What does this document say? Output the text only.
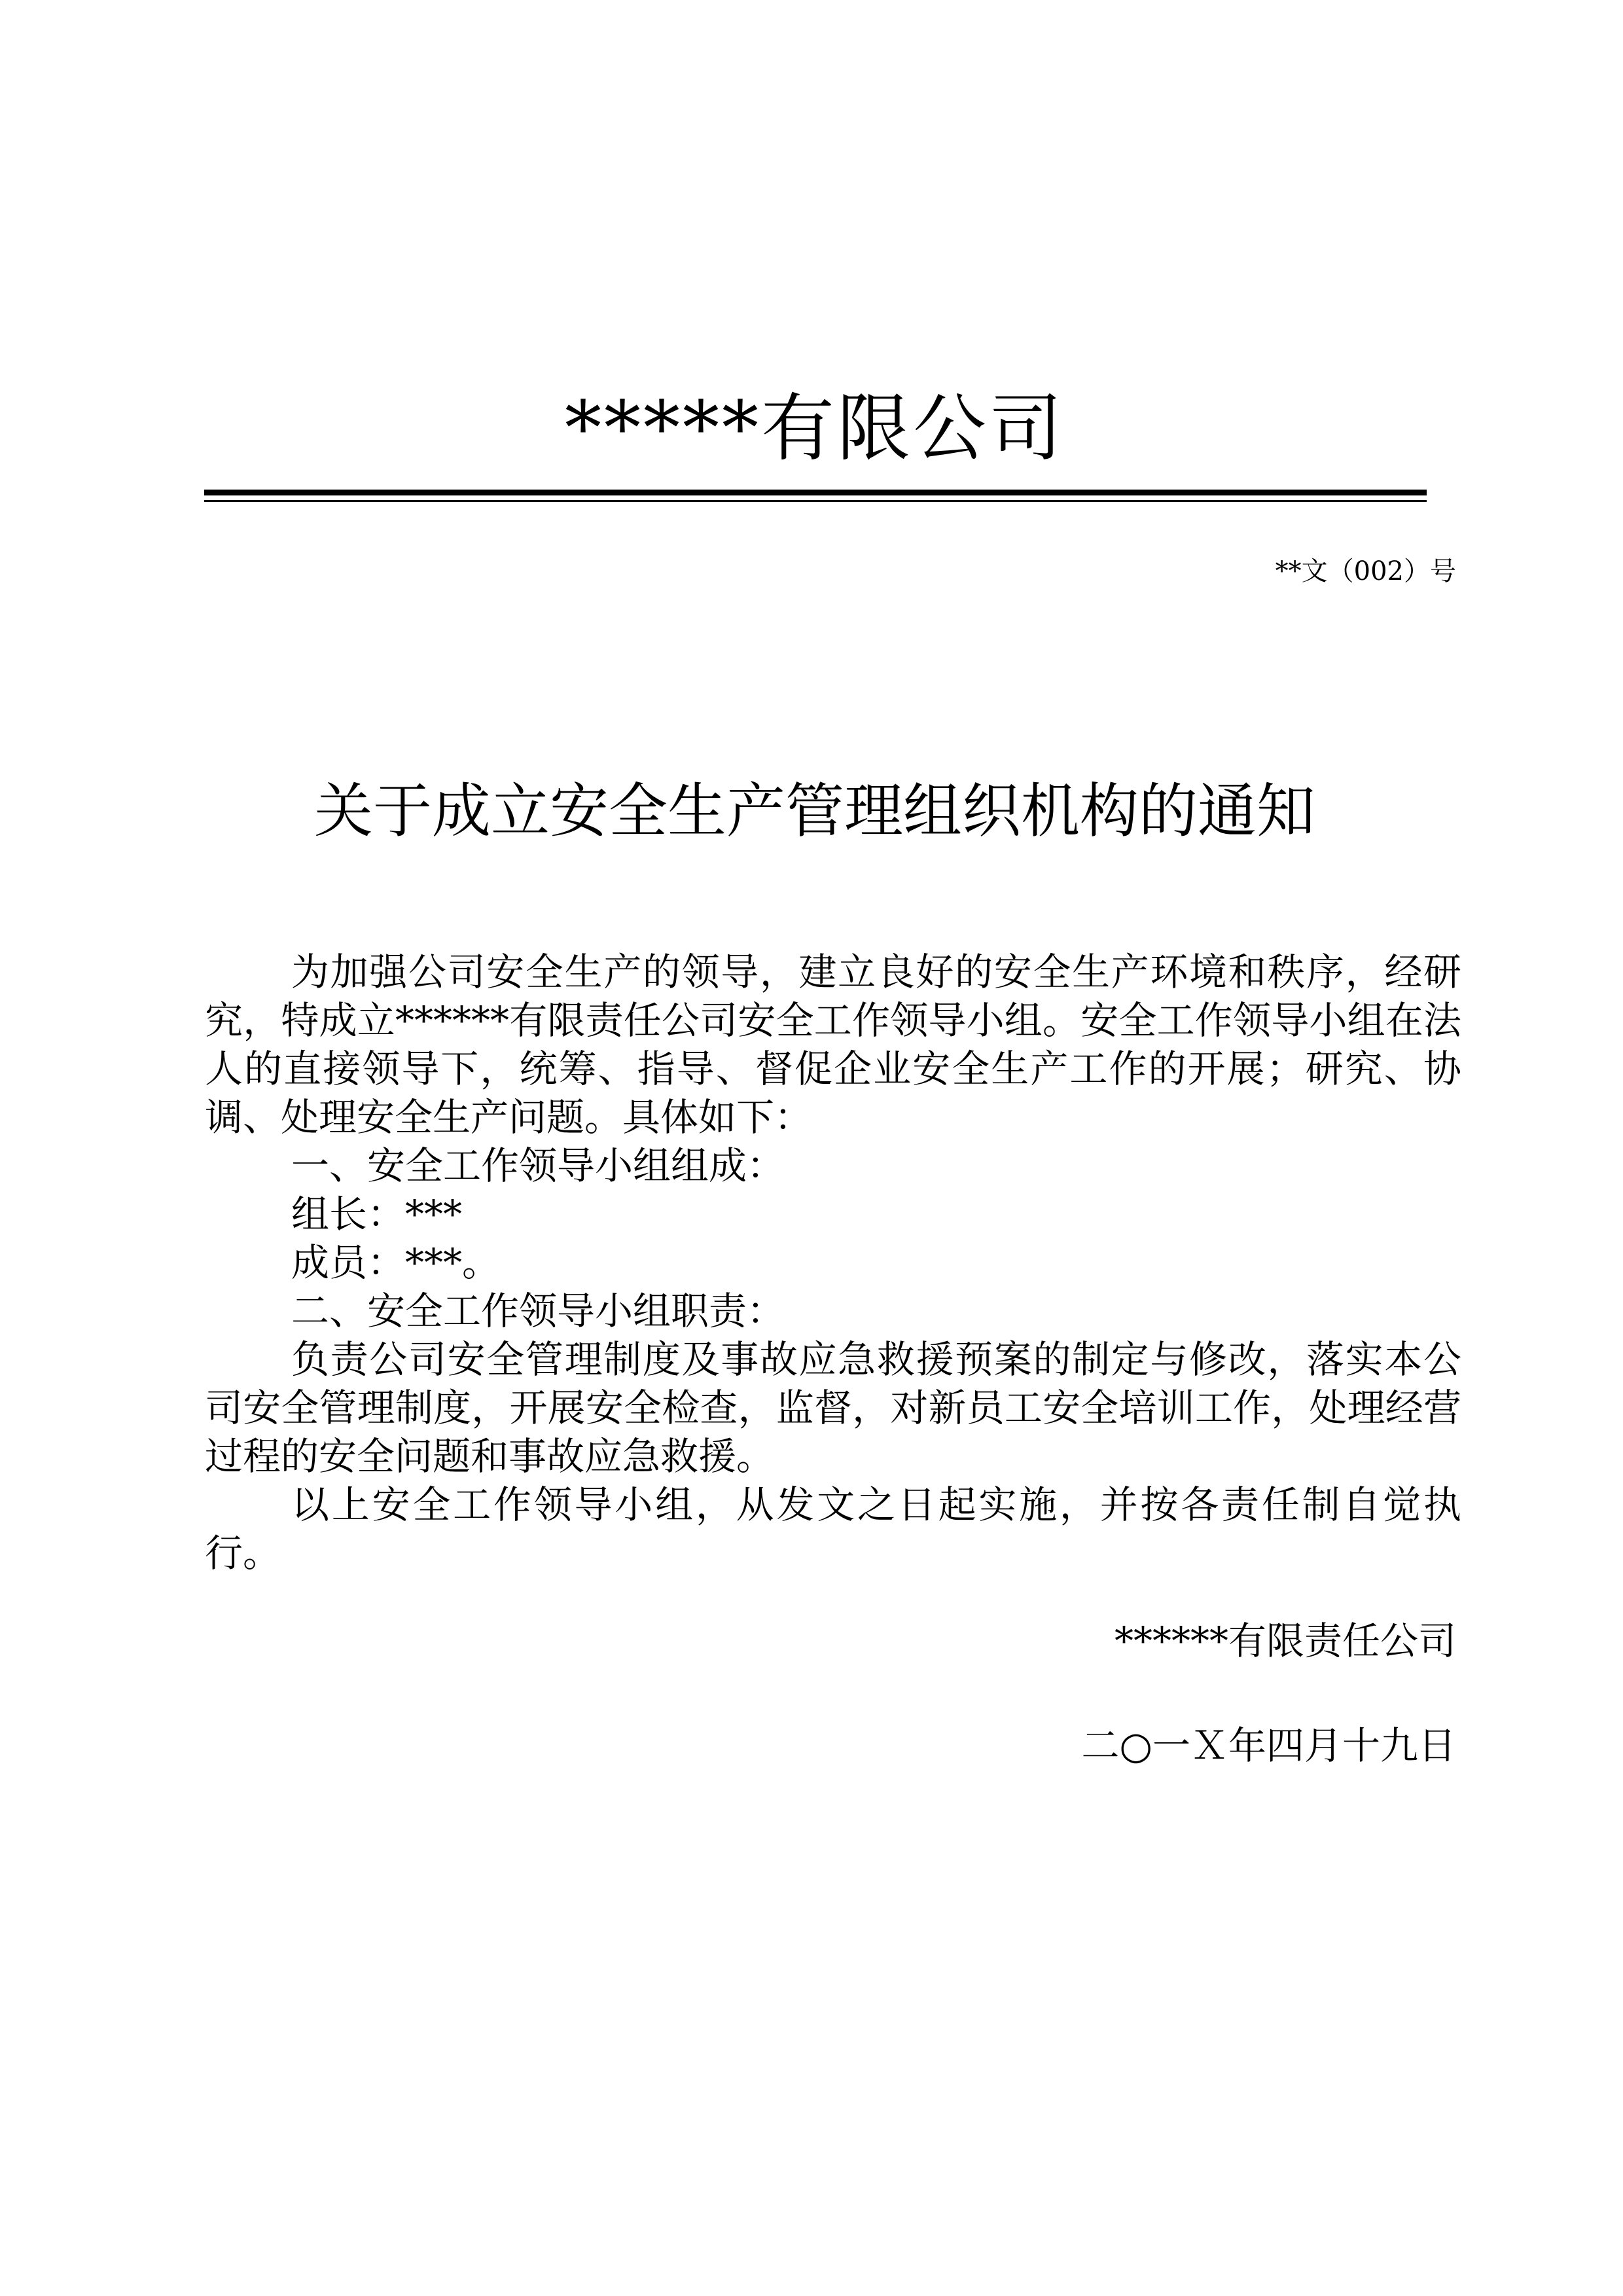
*****有限公司
**文（002）号
关于成立安全生产管理组织机构的通知

为加强公司安全生产的领导，建立良好的安全生产环境和秩序，经研究，特成立******有限责任公司安全工作领导小组。安全工作领导小组在法人的直接领导下，统筹、指导、督促企业安全生产工作的开展；研究、协调、处理安全生产问题。具体如下：

一、安全工作领导小组组成：

组长：***

成员：***。

二、安全工作领导小组职责：

负责公司安全管理制度及事故应急救援预案的制定与修改，落实本公司安全管理制度，开展安全检查，监督，对新员工安全培训工作，处理经营过程的安全问题和事故应急救援。

以上安全工作领导小组，从发文之日起实施，并按各责任制自觉执行。

******有限责任公司
二○一Ｘ年四月十九日
